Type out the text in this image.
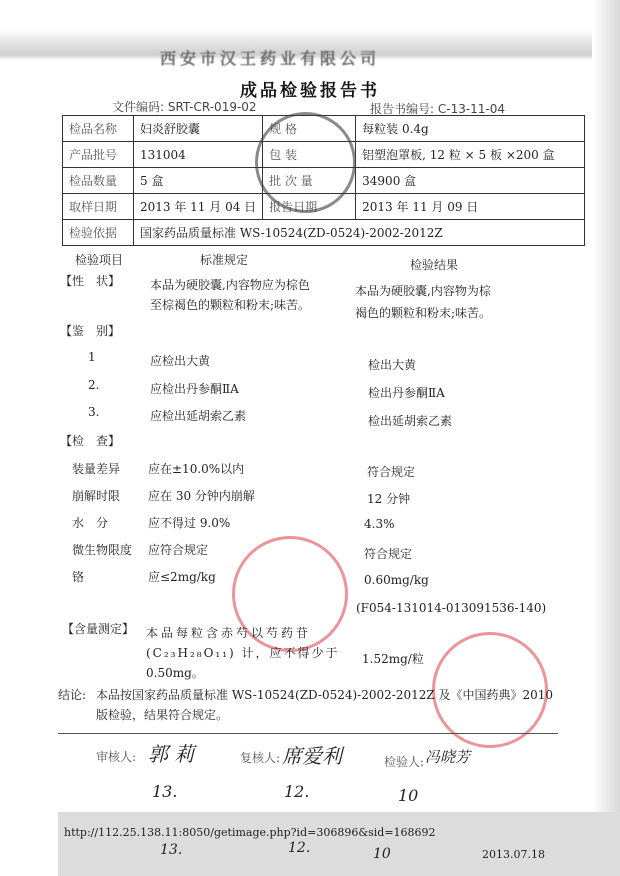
西安市汉王药业有限公司
成品检验报告书
文件编码: SRT-CR-019-02	报告书编号: C-13-11-04
检品名称	妇炎舒胶囊	规 格	每粒装 0.4g
产品批号	131004	包 装	铝塑泡罩板, 12 粒 × 5 板 ×200 盒
检品数量	5 盒	批 次 量	34900 盒
取样日期	2013 年 11 月 04 日	报告日期	2013 年 11 月 09 日
检验依据	国家药品质量标准 WS-10524(ZD-0524)-2002-2012Z		
检验项目	标准规定	检验结果
【性　状】 本品为硬胶囊,内容物应为棕色
至棕褐色的颗粒和粉末;味苦。
本品为硬胶囊,内容物为棕
褐色的颗粒和粉末;味苦。
【鉴　别】
1	应检出大黄	检出大黄
2.	应检出丹参酮ⅡA	检出丹参酮ⅡA
3.	应检出延胡索乙素	检出延胡索乙素
【检　查】
装量差异 应在±10.0%以内	符合规定
崩解时限 应在 30 分钟内崩解	12 分钟
水　分	应不得过 9.0%	4.3%
微生物限度 应符合规定	符合规定
铬	应≤2mg/kg	0.60mg/kg
(F054-131014-013091536-140)
【含量测定】 本品每粒含赤芍以芍药苷
(C₂₃H₂₈O₁₁) 计，应不得少于
0.50mg。
1.52mg/粒
结论: 本品按国家药品质量标准 WS-10524(ZD-0524)-2002-2012Z 及《中国药典》2010
版检验，结果符合规定。
审核人: 郭 莉	复核人: 席爱利	检验人: 冯晓芳
13.	12.	10
http://112.25.138.11:8050/getimage.php?id=306896&sid=168692
13.	12.	10	2013.07.18
